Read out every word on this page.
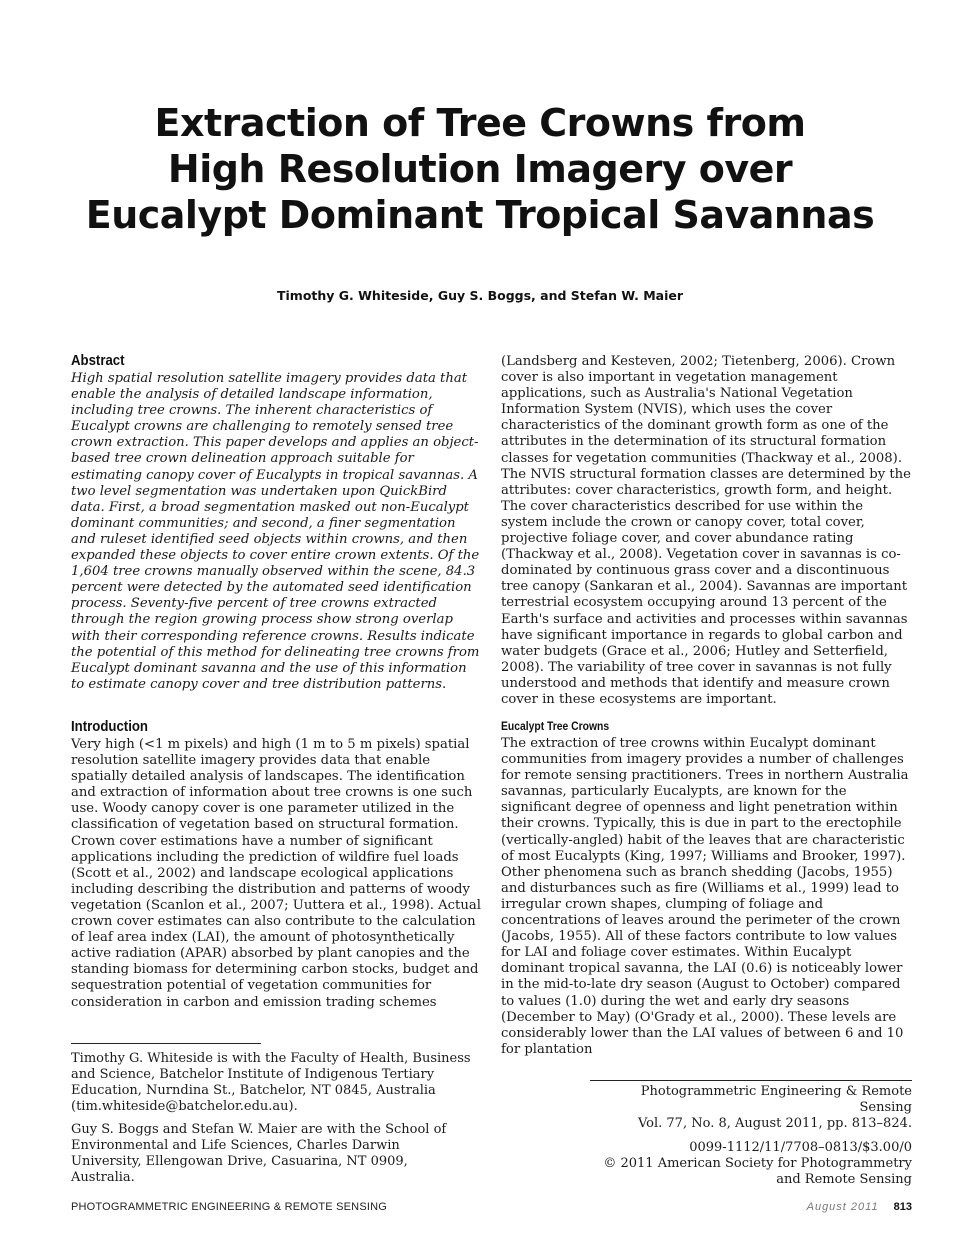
Extraction of Tree Crowns from
High Resolution Imagery over
Eucalypt Dominant Tropical Savannas
Timothy G. Whiteside, Guy S. Boggs, and Stefan W. Maier
Abstract

High spatial resolution satellite imagery provides data that enable the analysis of detailed landscape information, including tree crowns. The inherent characteristics of Eucalypt crowns are challenging to remotely sensed tree crown extraction. This paper develops and applies an object-based tree crown delineation approach suitable for estimating canopy cover of Eucalypts in tropical savannas. A two level segmentation was undertaken upon QuickBird data. First, a broad segmentation masked out non-Eucalypt dominant communities; and second, a finer segmentation and ruleset identified seed objects within crowns, and then expanded these objects to cover entire crown extents. Of the 1,604 tree crowns manually observed within the scene, 84.3 percent were detected by the automated seed identification process. Seventy-five percent of tree crowns extracted through the region growing process show strong overlap with their corresponding reference crowns. Results indicate the potential of this method for delineating tree crowns from Eucalypt dominant savanna and the use of this information to estimate canopy cover and tree distribution patterns.

Introduction

Very high (<1 m pixels) and high (1 m to 5 m pixels) spatial resolution satellite imagery provides data that enable spatially detailed analysis of landscapes. The identification and extraction of information about tree crowns is one such use. Woody canopy cover is one parameter utilized in the classification of vegetation based on structural formation. Crown cover estimations have a number of significant applications including the prediction of wildfire fuel loads (Scott et al., 2002) and landscape ecological applications including describing the distribution and patterns of woody vegetation (Scanlon et al., 2007; Uuttera et al., 1998). Actual crown cover estimates can also contribute to the calculation of leaf area index (LAI), the amount of photosynthetically active radiation (APAR) absorbed by plant canopies and the standing biomass for determining carbon stocks, budget and sequestration potential of vegetation communities for consideration in carbon and emission trading schemes

(Landsberg and Kesteven, 2002; Tietenberg, 2006). Crown cover is also important in vegetation management applications, such as Australia's National Vegetation Information System (NVIS), which uses the cover characteristics of the dominant growth form as one of the attributes in the determination of its structural formation classes for vegetation communities (Thackway et al., 2008). The NVIS structural formation classes are determined by the attributes: cover characteristics, growth form, and height. The cover characteristics described for use within the system include the crown or canopy cover, total cover, projective foliage cover, and cover abundance rating (Thackway et al., 2008). Vegetation cover in savannas is co-dominated by continuous grass cover and a discontinuous tree canopy (Sankaran et al., 2004). Savannas are important terrestrial ecosystem occupying around 13 percent of the Earth's surface and activities and processes within savannas have significant importance in regards to global carbon and water budgets (Grace et al., 2006; Hutley and Setterfield, 2008). The variability of tree cover in savannas is not fully understood and methods that identify and measure crown cover in these ecosystems are important.

Eucalypt Tree Crowns

The extraction of tree crowns within Eucalypt dominant communities from imagery provides a number of challenges for remote sensing practitioners. Trees in northern Australia savannas, particularly Eucalypts, are known for the significant degree of openness and light penetration within their crowns. Typically, this is due in part to the erectophile (vertically-angled) habit of the leaves that are characteristic of most Eucalypts (King, 1997; Williams and Brooker, 1997). Other phenomena such as branch shedding (Jacobs, 1955) and disturbances such as fire (Williams et al., 1999) lead to irregular crown shapes, clumping of foliage and concentrations of leaves around the perimeter of the crown (Jacobs, 1955). All of these factors contribute to low values for LAI and foliage cover estimates. Within Eucalypt dominant tropical savanna, the LAI (0.6) is noticeably lower in the mid-to-late dry season (August to October) compared to values (1.0) during the wet and early dry seasons (December to May) (O'Grady et al., 2000). These levels are considerably lower than the LAI values of between 6 and 10 for plantation

Timothy G. Whiteside is with the Faculty of Health, Business and Science, Batchelor Institute of Indigenous Tertiary Education, Nurndina St., Batchelor, NT 0845, Australia (tim.whiteside@batchelor.edu.au).

Guy S. Boggs and Stefan W. Maier are with the School of Environmental and Life Sciences, Charles Darwin University, Ellengowan Drive, Casuarina, NT 0909, Australia.

Photogrammetric Engineering & Remote Sensing

Vol. 77, No. 8, August 2011, pp. 813–824.

0099-1112/11/7708–0813/$3.00/0

© 2011 American Society for Photogrammetry

and Remote Sensing

PHOTOGRAMMETRIC ENGINEERING & REMOTE SENSING	August 2011 813
